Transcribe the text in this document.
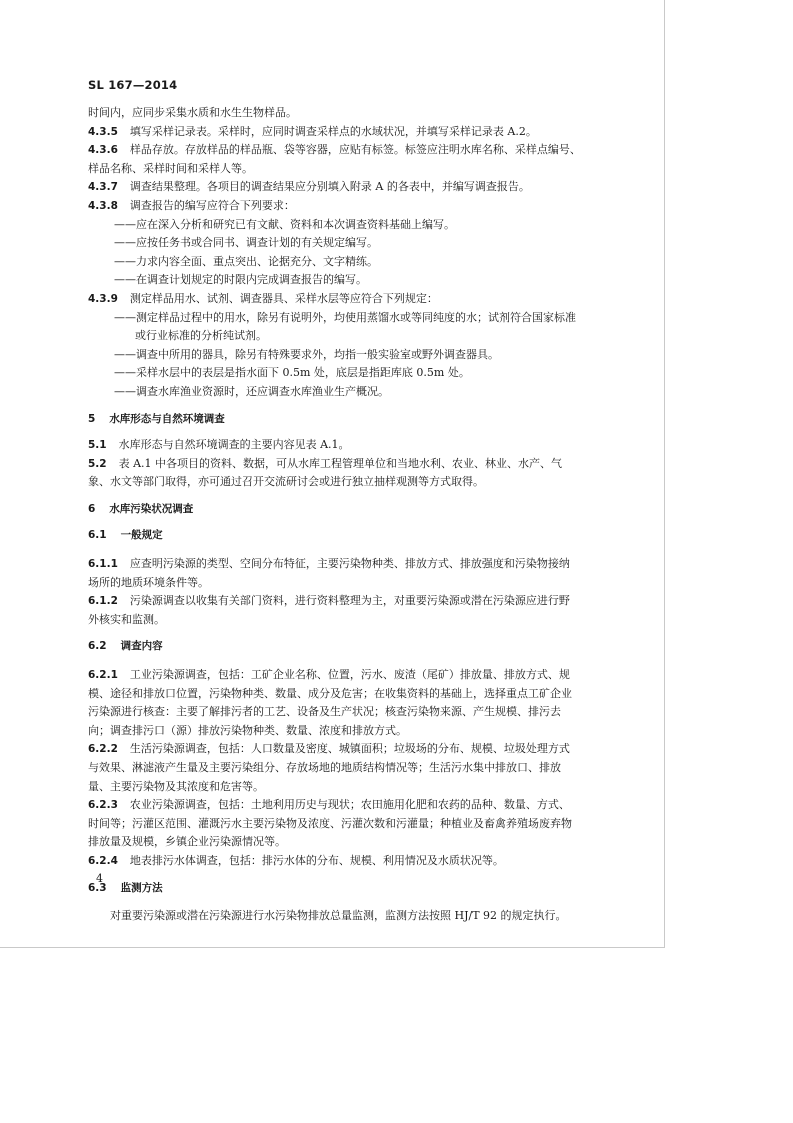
SL 167—2014

时间内，应同步采集水质和水生生物样品。

4.3.5 填写采样记录表。采样时，应同时调查采样点的水域状况，并填写采样记录表 A.2。

4.3.6 样品存放。存放样品的样品瓶、袋等容器，应贴有标签。标签应注明水库名称、采样点编号、

样品名称、采样时间和采样人等。

4.3.7 调查结果整理。各项目的调查结果应分别填入附录 A 的各表中，并编写调查报告。

4.3.8 调查报告的编写应符合下列要求：

——应在深入分析和研究已有文献、资料和本次调查资料基础上编写。

——应按任务书或合同书、调查计划的有关规定编写。

——力求内容全面、重点突出、论据充分、文字精练。

——在调查计划规定的时限内完成调查报告的编写。

4.3.9 测定样品用水、试剂、调查器具、采样水层等应符合下列规定：

——测定样品过程中的用水，除另有说明外，均使用蒸馏水或等同纯度的水；试剂符合国家标准

或行业标准的分析纯试剂。

——调查中所用的器具，除另有特殊要求外，均指一般实验室或野外调查器具。

——采样水层中的表层是指水面下 0.5m 处，底层是指距库底 0.5m 处。

——调查水库渔业资源时，还应调查水库渔业生产概况。

5 水库形态与自然环境调查

5.1 水库形态与自然环境调查的主要内容见表 A.1。

5.2 表 A.1 中各项目的资料、数据，可从水库工程管理单位和当地水利、农业、林业、水产、气

象、水文等部门取得，亦可通过召开交流研讨会或进行独立抽样观测等方式取得。

6 水库污染状况调查

6.1 一般规定

6.1.1 应查明污染源的类型、空间分布特征，主要污染物种类、排放方式、排放强度和污染物接纳

场所的地质环境条件等。

6.1.2 污染源调查以收集有关部门资料，进行资料整理为主，对重要污染源或潜在污染源应进行野

外核实和监测。

6.2 调查内容

6.2.1 工业污染源调查，包括：工矿企业名称、位置，污水、废渣（尾矿）排放量、排放方式、规

模、途径和排放口位置，污染物种类、数量、成分及危害；在收集资料的基础上，选择重点工矿企业

污染源进行核查：主要了解排污者的工艺、设备及生产状况；核查污染物来源、产生规模、排污去

向；调查排污口（源）排放污染物种类、数量、浓度和排放方式。

6.2.2 生活污染源调查，包括：人口数量及密度、城镇面积；垃圾场的分布、规模、垃圾处理方式

与效果、淋滤液产生量及主要污染组分、存放场地的地质结构情况等；生活污水集中排放口、排放

量、主要污染物及其浓度和危害等。

6.2.3 农业污染源调查，包括：土地利用历史与现状；农田施用化肥和农药的品种、数量、方式、

时间等；污灌区范围、灌溉污水主要污染物及浓度、污灌次数和污灌量；种植业及畜禽养殖场废弃物

排放量及规模，乡镇企业污染源情况等。

6.2.4 地表排污水体调查，包括：排污水体的分布、规模、利用情况及水质状况等。

6.3 监测方法

对重要污染源或潜在污染源进行水污染物排放总量监测，监测方法按照 HJ/T 92 的规定执行。

4
